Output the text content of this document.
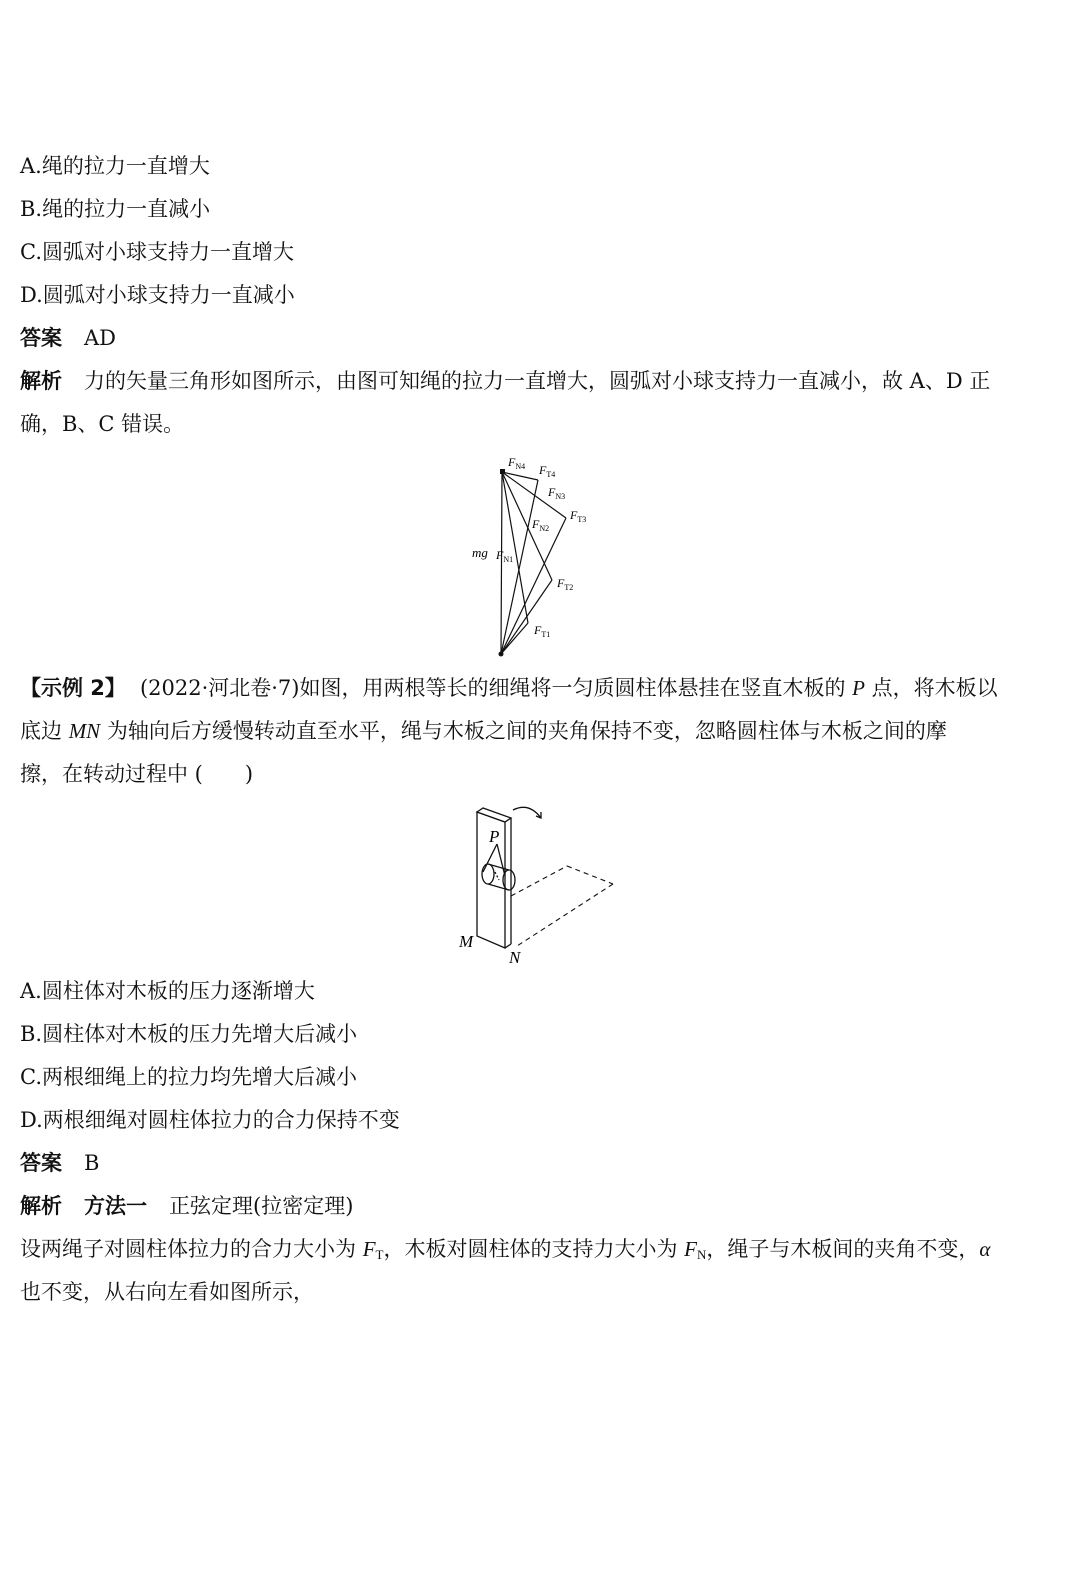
A.绳的拉力一直增大
B.绳的拉力一直减小
C.圆弧对小球支持力一直增大
D.圆弧对小球支持力一直减小
答案 AD
解析 力的矢量三角形如图所示，由图可知绳的拉力一直增大，圆弧对小球支持力一直减小，故 A、D 正
确，B、C 错误。
mg
$F_{N4}$ $F_{T4}$
$F_{N3}$
$F_{T3}$
$F_{N2}$
$F_{N1}$
$F_{T2}$
$F_{T1}$
【示例 2】 (2022·河北卷·7)如图，用两根等长的细绳将一匀质圆柱体悬挂在竖直木板的 P 点，将木板以
底边 MN 为轴向后方缓慢转动直至水平，绳与木板之间的夹角保持不变，忽略圆柱体与木板之间的摩
擦，在转动过程中 (　　)
P
M
N
A.圆柱体对木板的压力逐渐增大
B.圆柱体对木板的压力先增大后减小
C.两根细绳上的拉力均先增大后减小
D.两根细绳对圆柱体拉力的合力保持不变
答案 B
解析 方法一 正弦定理(拉密定理)
设两绳子对圆柱体拉力的合力大小为 $F_T$，木板对圆柱体的支持力大小为 $F_N$，绳子与木板间的夹角不变，α
也不变，从右向左看如图所示，
